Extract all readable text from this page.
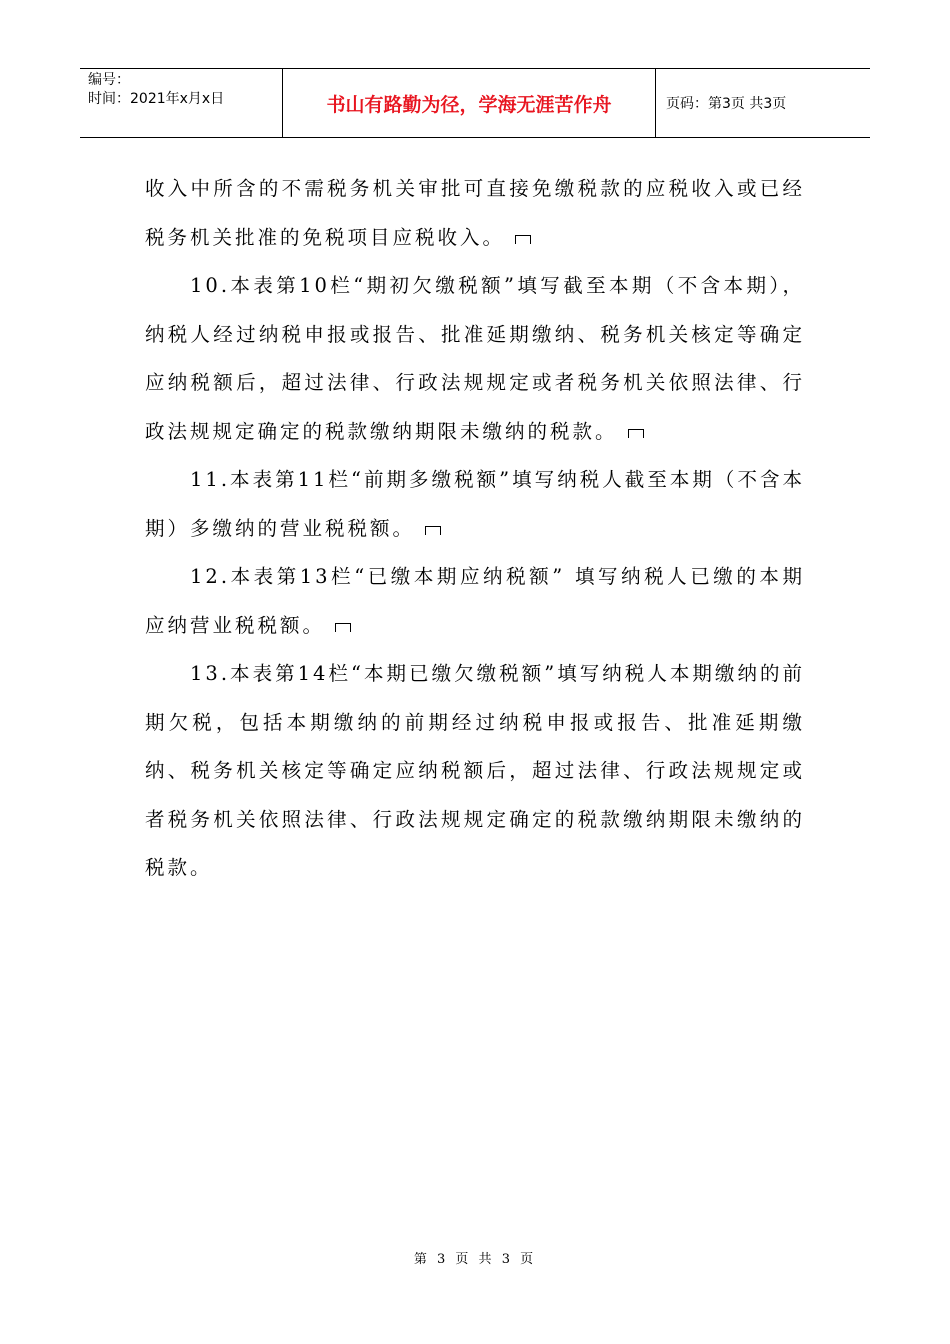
编号：
时间：2021年x月x日	书山有路勤为径，学海无涯苦作舟	页码：第3页 共3页

收入中所含的不需税务机关审批可直接免缴税款的应税收入或已经税务机关批准的免税项目应税收入。

10.本表第10栏“期初欠缴税额”填写截至本期（不含本期），纳税人经过纳税申报或报告、批准延期缴纳、税务机关核定等确定应纳税额后，超过法律、行政法规规定或者税务机关依照法律、行政法规规定确定的税款缴纳期限未缴纳的税款。

11.本表第11栏“前期多缴税额”填写纳税人截至本期（不含本期）多缴纳的营业税税额。

12.本表第13栏“已缴本期应纳税额” 填写纳税人已缴的本期应纳营业税税额。

13.本表第14栏“本期已缴欠缴税额”填写纳税人本期缴纳的前期欠税，包括本期缴纳的前期经过纳税申报或报告、批准延期缴纳、税务机关核定等确定应纳税额后，超过法律、行政法规规定或者税务机关依照法律、行政法规规定确定的税款缴纳期限未缴纳的税款。

第 3 页 共 3 页
